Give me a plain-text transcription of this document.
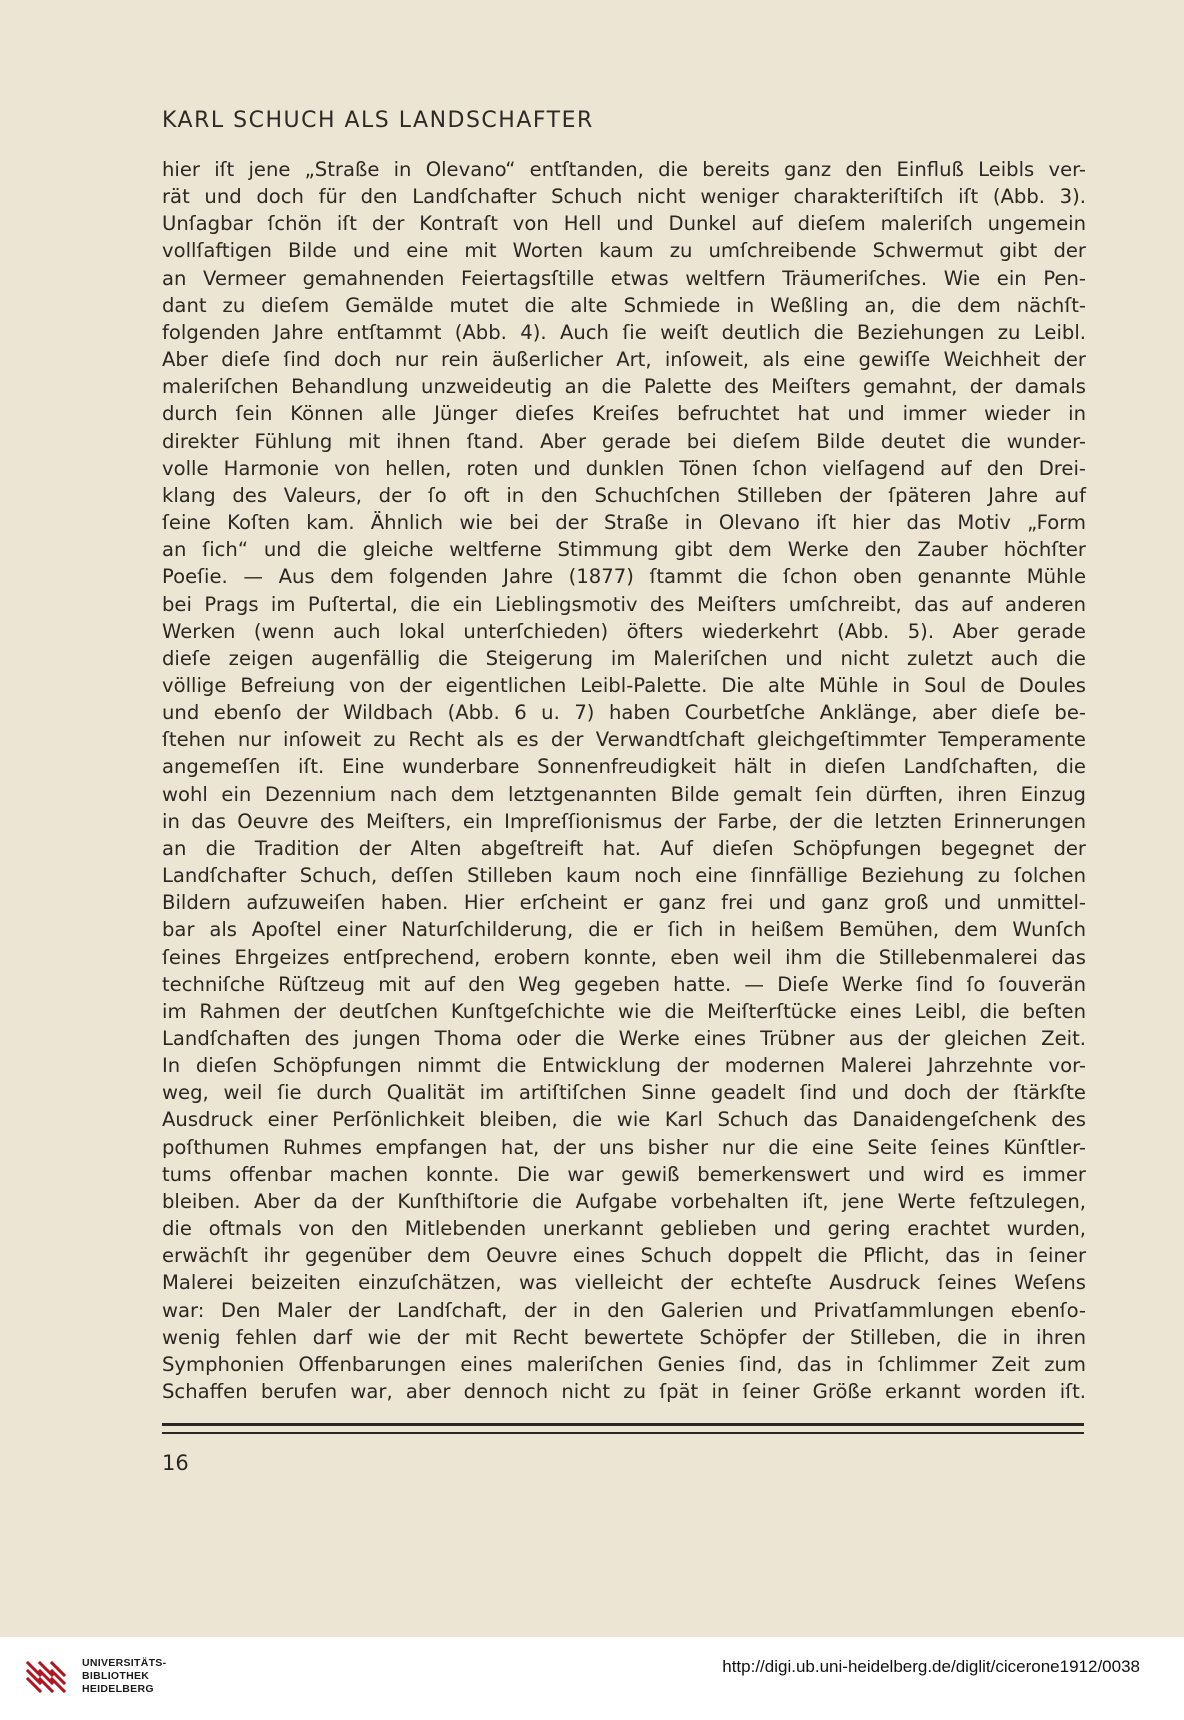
KARL SCHUCH ALS LANDSCHAFTER
hier iſt jene „Straße in Olevano“ entſtanden, die bereits ganz den Einfluß Leibls ver-
rät und doch für den Landſchafter Schuch nicht weniger charakteriſtiſch iſt (Abb. 3).
Unſagbar ſchön iſt der Kontraſt von Hell und Dunkel auf dieſem maleriſch ungemein
vollſaftigen Bilde und eine mit Worten kaum zu umſchreibende Schwermut gibt der
an Vermeer gemahnenden Feiertagsſtille etwas weltfern Träumeriſches. Wie ein Pen-
dant zu dieſem Gemälde mutet die alte Schmiede in Weßling an, die dem nächſt-
folgenden Jahre entſtammt (Abb. 4). Auch ſie weiſt deutlich die Beziehungen zu Leibl.
Aber dieſe ſind doch nur rein äußerlicher Art, inſoweit, als eine gewiſſe Weichheit der
maleriſchen Behandlung unzweideutig an die Palette des Meiſters gemahnt, der damals
durch ſein Können alle Jünger dieſes Kreiſes befruchtet hat und immer wieder in
direkter Fühlung mit ihnen ſtand. Aber gerade bei dieſem Bilde deutet die wunder-
volle Harmonie von hellen, roten und dunklen Tönen ſchon vielſagend auf den Drei-
klang des Valeurs, der ſo oft in den Schuchſchen Stilleben der ſpäteren Jahre auf
ſeine Koſten kam. Ähnlich wie bei der Straße in Olevano iſt hier das Motiv „Form
an ſich“ und die gleiche weltferne Stimmung gibt dem Werke den Zauber höchſter
Poeſie. — Aus dem folgenden Jahre (1877) ſtammt die ſchon oben genannte Mühle
bei Prags im Puſtertal, die ein Lieblingsmotiv des Meiſters umſchreibt, das auf anderen
Werken (wenn auch lokal unterſchieden) öfters wiederkehrt (Abb. 5). Aber gerade
dieſe zeigen augenfällig die Steigerung im Maleriſchen und nicht zuletzt auch die
völlige Befreiung von der eigentlichen Leibl-Palette. Die alte Mühle in Soul de Doules
und ebenſo der Wildbach (Abb. 6 u. 7) haben Courbetſche Anklänge, aber dieſe be-
ſtehen nur inſoweit zu Recht als es der Verwandtſchaft gleichgeſtimmter Temperamente
angemeſſen iſt. Eine wunderbare Sonnenfreudigkeit hält in dieſen Landſchaften, die
wohl ein Dezennium nach dem letztgenannten Bilde gemalt ſein dürften, ihren Einzug
in das Oeuvre des Meiſters, ein Impreſſionismus der Farbe, der die letzten Erinnerungen
an die Tradition der Alten abgeſtreift hat. Auf dieſen Schöpfungen begegnet der
Landſchafter Schuch, deſſen Stilleben kaum noch eine ſinnfällige Beziehung zu ſolchen
Bildern aufzuweiſen haben. Hier erſcheint er ganz frei und ganz groß und unmittel-
bar als Apoſtel einer Naturſchilderung, die er ſich in heißem Bemühen, dem Wunſch
ſeines Ehrgeizes entſprechend, erobern konnte, eben weil ihm die Stillebenmalerei das
techniſche Rüſtzeug mit auf den Weg gegeben hatte. — Dieſe Werke ſind ſo ſouverän
im Rahmen der deutſchen Kunſtgeſchichte wie die Meiſterſtücke eines Leibl, die beſten
Landſchaften des jungen Thoma oder die Werke eines Trübner aus der gleichen Zeit.
In dieſen Schöpfungen nimmt die Entwicklung der modernen Malerei Jahrzehnte vor-
weg, weil ſie durch Qualität im artiſtiſchen Sinne geadelt ſind und doch der ſtärkſte
Ausdruck einer Perſönlichkeit bleiben, die wie Karl Schuch das Danaidengeſchenk des
poſthumen Ruhmes empfangen hat, der uns bisher nur die eine Seite ſeines Künſtler-
tums offenbar machen konnte. Die war gewiß bemerkenswert und wird es immer
bleiben. Aber da der Kunſthiſtorie die Aufgabe vorbehalten iſt, jene Werte feſtzulegen,
die oftmals von den Mitlebenden unerkannt geblieben und gering erachtet wurden,
erwächſt ihr gegenüber dem Oeuvre eines Schuch doppelt die Pflicht, das in ſeiner
Malerei beizeiten einzuſchätzen, was vielleicht der echteſte Ausdruck ſeines Weſens
war: Den Maler der Landſchaft, der in den Galerien und Privatſammlungen ebenſo-
wenig fehlen darf wie der mit Recht bewertete Schöpfer der Stilleben, die in ihren
Symphonien Offenbarungen eines maleriſchen Genies ſind, das in ſchlimmer Zeit zum
Schaffen berufen war, aber dennoch nicht zu ſpät in ſeiner Größe erkannt worden iſt.
16
UNIVERSITÄTS-
BIBLIOTHEK
HEIDELBERG
http://digi.ub.uni-heidelberg.de/diglit/cicerone1912/0038
